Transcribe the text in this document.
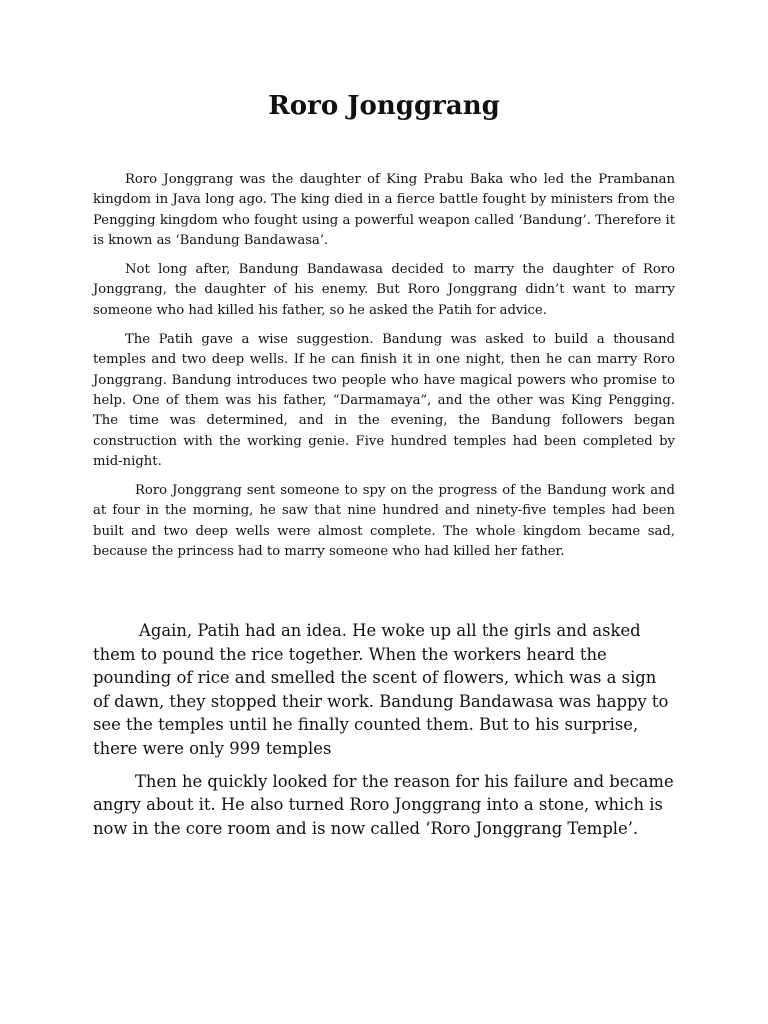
Roro Jonggrang

Roro Jonggrang was the daughter of King Prabu Baka who led the Prambanan kingdom in Java long ago. The king died in a fierce battle fought by ministers from the Pengging kingdom who fought using a powerful weapon called ‘Bandung’. Therefore it is known as ‘Bandung Bandawasa’.

Not long after, Bandung Bandawasa decided to marry the daughter of Roro Jonggrang, the daughter of his enemy. But Roro Jonggrang didn’t want to marry someone who had killed his father, so he asked the Patih for advice.

The Patih gave a wise suggestion. Bandung was asked to build a thousand temples and two deep wells. If he can finish it in one night, then he can marry Roro Jonggrang. Bandung introduces two people who have magical powers who promise to help. One of them was his father, “Darmamaya”, and the other was King Pengging. The time was determined, and in the evening, the Bandung followers began construction with the working genie. Five hundred temples had been completed by mid-night.

Roro Jonggrang sent someone to spy on the progress of the Bandung work and at four in the morning, he saw that nine hundred and ninety-five temples had been built and two deep wells were almost complete. The whole kingdom became sad, because the princess had to marry someone who had killed her father.

Again, Patih had an idea. He woke up all the girls and asked them to pound the rice together. When the workers heard the pounding of rice and smelled the scent of flowers, which was a sign of dawn, they stopped their work. Bandung Bandawasa was happy to see the temples until he finally counted them. But to his surprise, there were only 999 temples

Then he quickly looked for the reason for his failure and became angry about it. He also turned Roro Jonggrang into a stone, which is now in the core room and is now called ‘Roro Jonggrang Temple’.
